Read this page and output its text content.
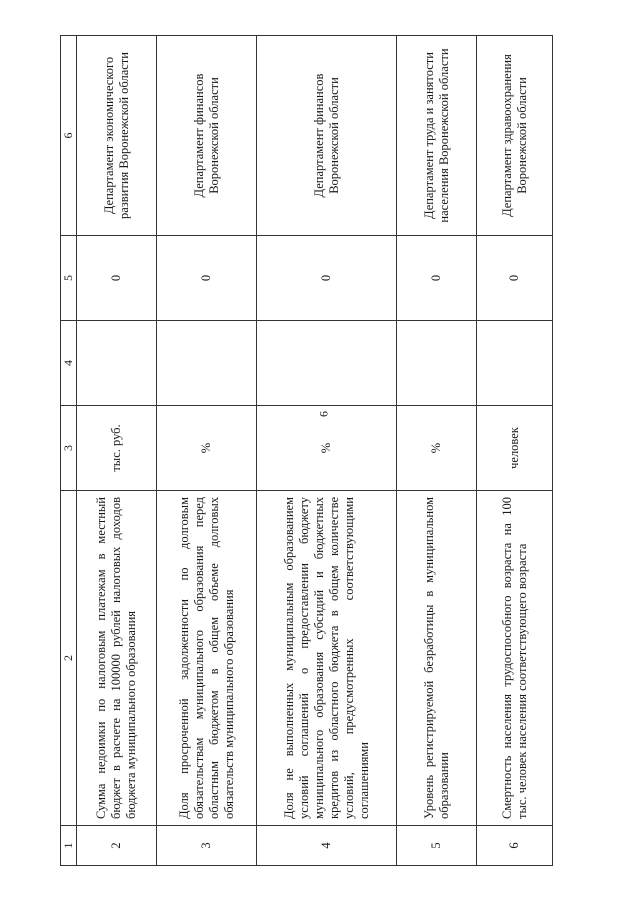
6
1	2	3	4	5	6
2	Сумма недоимки по налоговым платежам в местный бюджет в расчете на 100000 рублей налоговых доходов бюджета муниципального образования	тыс. руб.		0	Департамент экономического развития Воронежской области
3	Доля просроченной задолженности по долговым обязательствам муниципального образования перед областным бюджетом в общем объеме долговых обязательств муниципального образования	%		0	Департамент финансов Воронежской области
4	Доля не выполненных муниципальным образованием условий соглашений о предоставлении бюджету муниципального образования субсидий и бюджетных кредитов из областного бюджета в общем количестве условий, предусмотренных соответствующими соглашениями	%		0	Департамент финансов Воронежской области
5	Уровень регистрируемой безработицы в муниципальном образовании	%		0	Департамент труда и занятости населения Воронежской области
6	Смертность населения трудоспособного возраста на 100 тыс. человек населения соответствующего возраста	человек		0	Департамент здравоохранения Воронежской области
